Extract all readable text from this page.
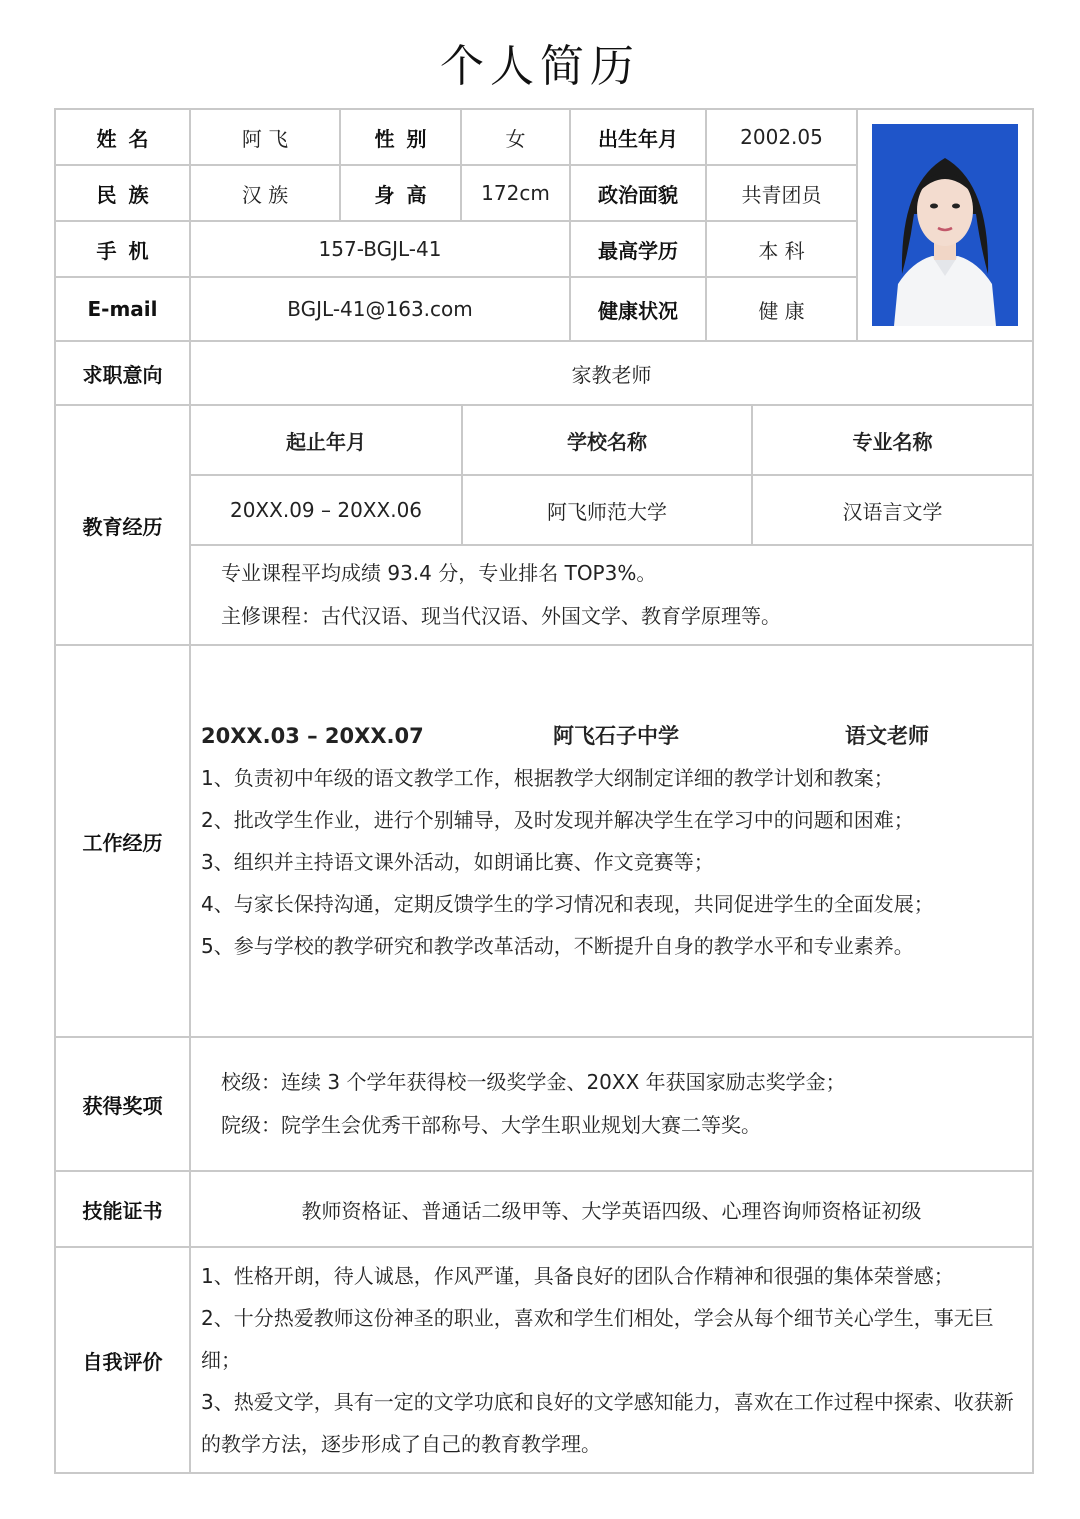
个人简历
姓名	阿 飞	性别	女	出生年月	2002.05	

民族	汉 族	身高	172cm	政治面貌	共青团员
手机	157-BGJL-41	最高学历	本 科
E-mail	BGJL-41@163.com	健康状况	健 康
求职意向	家教老师
教育经历	
起止年月	学校名称	专业名称
20XX.09 – 20XX.06	阿飞师范大学	汉语言文学

专业课程平均成绩 93.4 分，专业排名 TOP3%。
主修课程：古代汉语、现当代汉语、外国文学、教育学原理等。

工作经历	
20XX.03 – 20XX.07	阿飞石子中学	语文老师
1、负责初中年级的语文教学工作，根据教学大纲制定详细的教学计划和教案；
2、批改学生作业，进行个别辅导，及时发现并解决学生在学习中的问题和困难；
3、组织并主持语文课外活动，如朗诵比赛、作文竞赛等；
4、与家长保持沟通，定期反馈学生的学习情况和表现，共同促进学生的全面发展；
5、参与学校的教学研究和教学改革活动，不断提升自身的教学水平和专业素养。

获得奖项	
校级：连续 3 个学年获得校一级奖学金、20XX 年获国家励志奖学金；
院级：院学生会优秀干部称号、大学生职业规划大赛二等奖。

技能证书	教师资格证、普通话二级甲等、大学英语四级、心理咨询师资格证初级
自我评价	
1、性格开朗，待人诚恳，作风严谨，具备良好的团队合作精神和很强的集体荣誉感；
2、十分热爱教师这份神圣的职业，喜欢和学生们相处，学会从每个细节关心学生，事无巨细；
3、热爱文学，具有一定的文学功底和良好的文学感知能力，喜欢在工作过程中探索、收获新的教学方法，逐步形成了自己的教育教学理。
